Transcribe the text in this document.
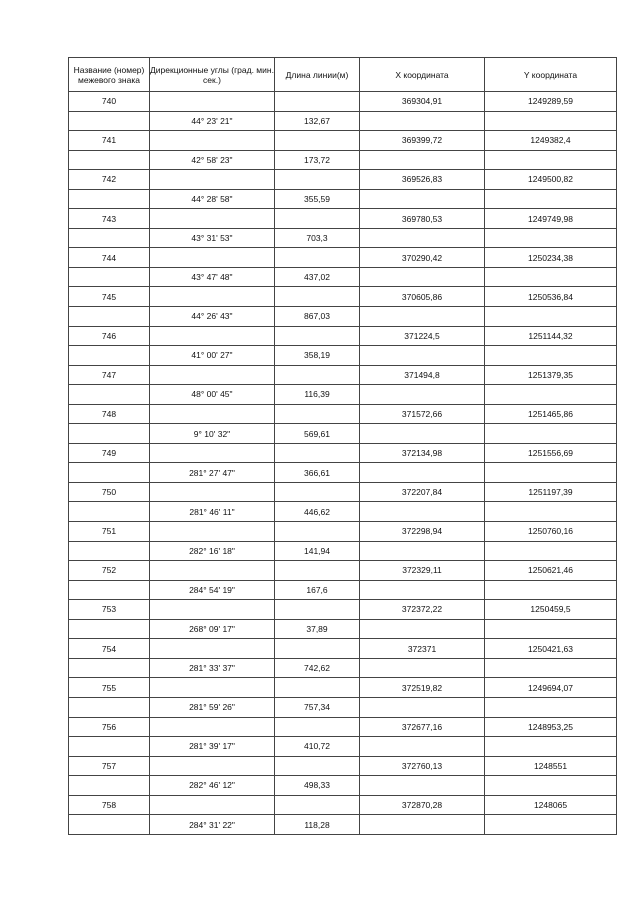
Название (номер) межевого знака	Дирекционные углы (град. мин. сек.)	Длина линии(м)	X координата	Y координата
740			369304,91	1249289,59
	44° 23' 21"	132,67		
741			369399,72	1249382,4
	42° 58' 23"	173,72		
742			369526,83	1249500,82
	44° 28' 58"	355,59		
743			369780,53	1249749,98
	43° 31' 53"	703,3		
744			370290,42	1250234,38
	43° 47' 48"	437,02		
745			370605,86	1250536,84
	44° 26' 43"	867,03		
746			371224,5	1251144,32
	41° 00' 27"	358,19		
747			371494,8	1251379,35
	48° 00' 45"	116,39		
748			371572,66	1251465,86
	9° 10' 32"	569,61		
749			372134,98	1251556,69
	281° 27' 47"	366,61		
750			372207,84	1251197,39
	281° 46' 11"	446,62		
751			372298,94	1250760,16
	282° 16' 18"	141,94		
752			372329,11	1250621,46
	284° 54' 19"	167,6		
753			372372,22	1250459,5
	268° 09' 17"	37,89		
754			372371	1250421,63
	281° 33' 37"	742,62		
755			372519,82	1249694,07
	281° 59' 26"	757,34		
756			372677,16	1248953,25
	281° 39' 17"	410,72		
757			372760,13	1248551
	282° 46' 12"	498,33		
758			372870,28	1248065
	284° 31' 22"	118,28		
